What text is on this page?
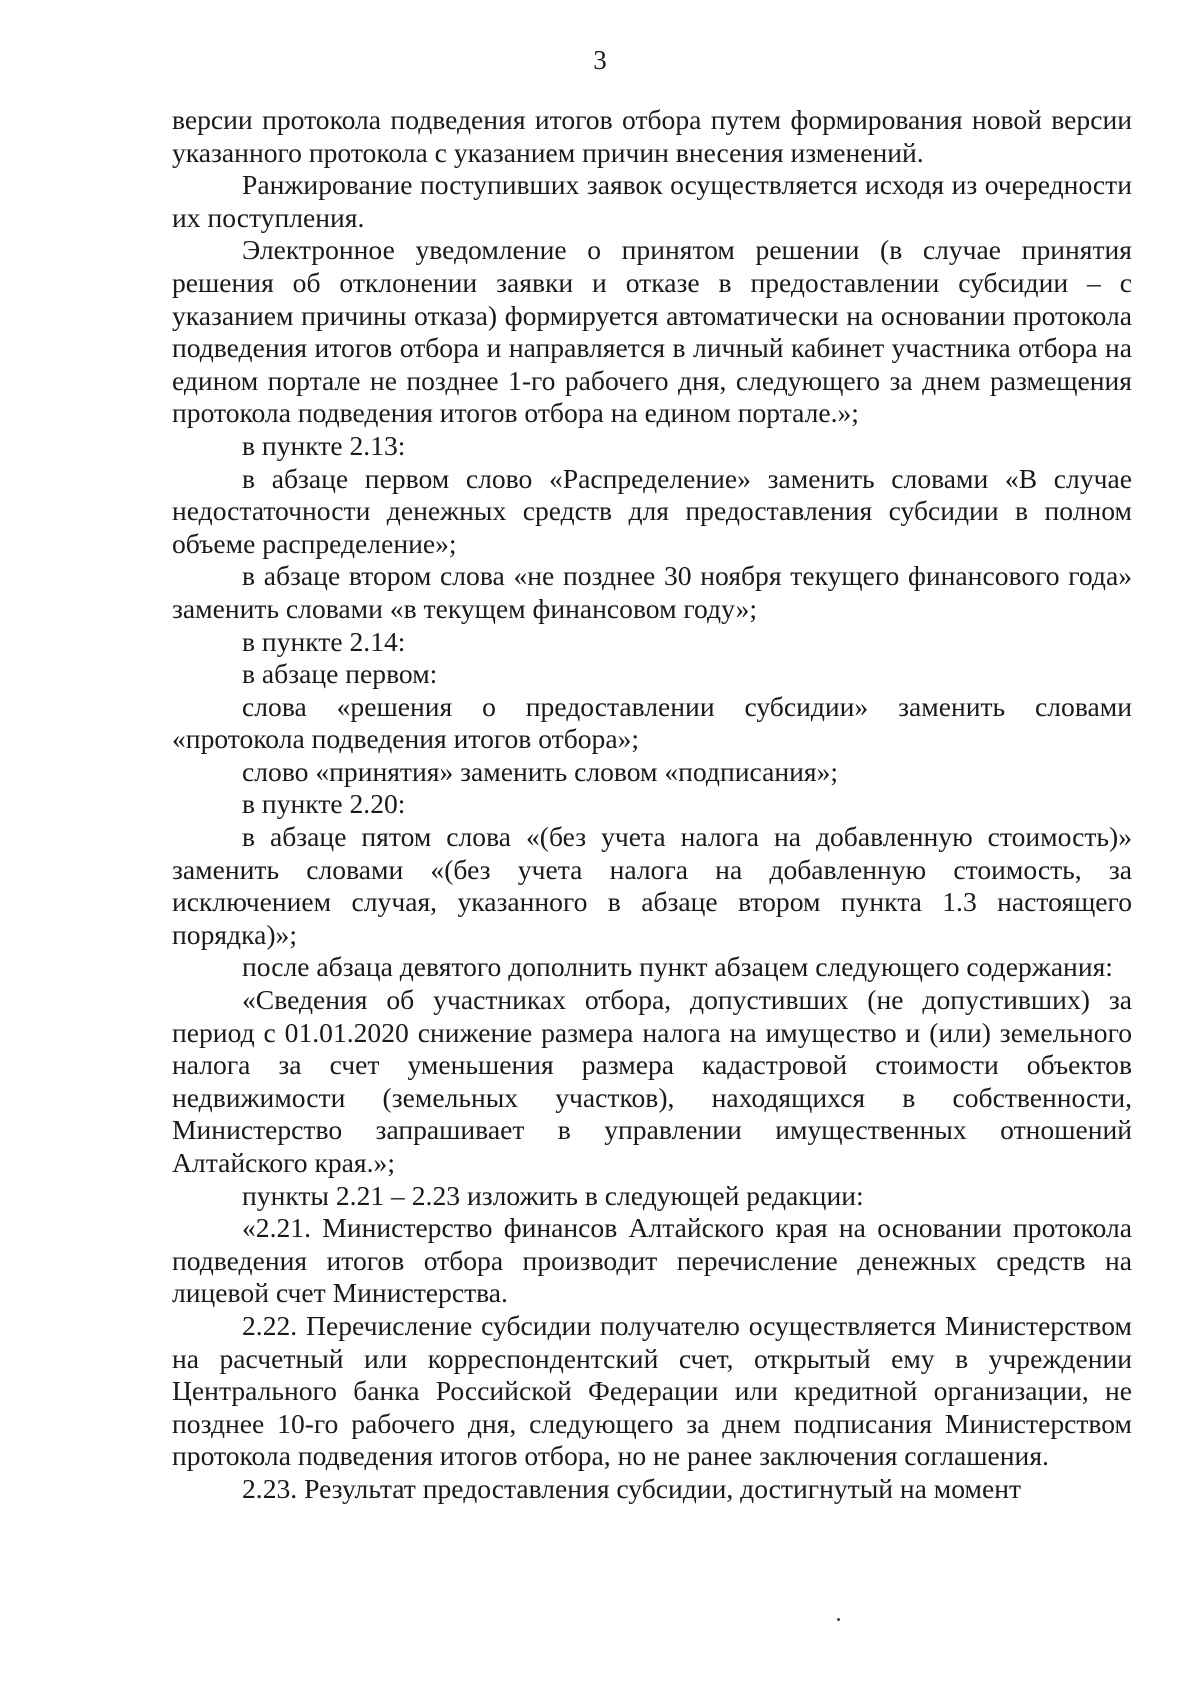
3

версии протокола подведения итогов отбора путем формирования новой версии указанного протокола с указанием причин внесения изменений.

Ранжирование поступивших заявок осуществляется исходя из очередности их поступления.

Электронное уведомление о принятом решении (в случае принятия решения об отклонении заявки и отказе в предоставлении субсидии – с указанием причины отказа) формируется автоматически на основании протокола подведения итогов отбора и направляется в личный кабинет участника отбора на едином портале не позднее 1-го рабочего дня, следующего за днем размещения протокола подведения итогов отбора на едином портале.»;

в пункте 2.13:

в абзаце первом слово «Распределение» заменить словами «В случае недостаточности денежных средств для предоставления субсидии в полном объеме распределение»;

в абзаце втором слова «не позднее 30 ноября текущего финансового года» заменить словами «в текущем финансовом году»;

в пункте 2.14:

в абзаце первом:

слова «решения о предоставлении субсидии» заменить словами «протокола подведения итогов отбора»;

слово «принятия» заменить словом «подписания»;

в пункте 2.20:

в абзаце пятом слова «(без учета налога на добавленную стоимость)» заменить словами «(без учета налога на добавленную стоимость, за исключением случая, указанного в абзаце втором пункта 1.3 настоящего порядка)»;

после абзаца девятого дополнить пункт абзацем следующего содержания:

«Сведения об участниках отбора, допустивших (не допустивших) за период с 01.01.2020 снижение размера налога на имущество и (или) земельного налога за счет уменьшения размера кадастровой стоимости объектов недвижимости (земельных участков), находящихся в собственности, Министерство запрашивает в управлении имущественных отношений Алтайского края.»;

пункты 2.21 – 2.23 изложить в следующей редакции:

«2.21. Министерство финансов Алтайского края на основании протокола подведения итогов отбора производит перечисление денежных средств на лицевой счет Министерства.

2.22. Перечисление субсидии получателю осуществляется Министерством на расчетный или корреспондентский счет, открытый ему в учреждении Центрального банка Российской Федерации или кредитной организации, не позднее 10-го рабочего дня, следующего за днем подписания Министерством протокола подведения итогов отбора, но не ранее заключения соглашения.

2.23. Результат предоставления субсидии, достигнутый на момент
